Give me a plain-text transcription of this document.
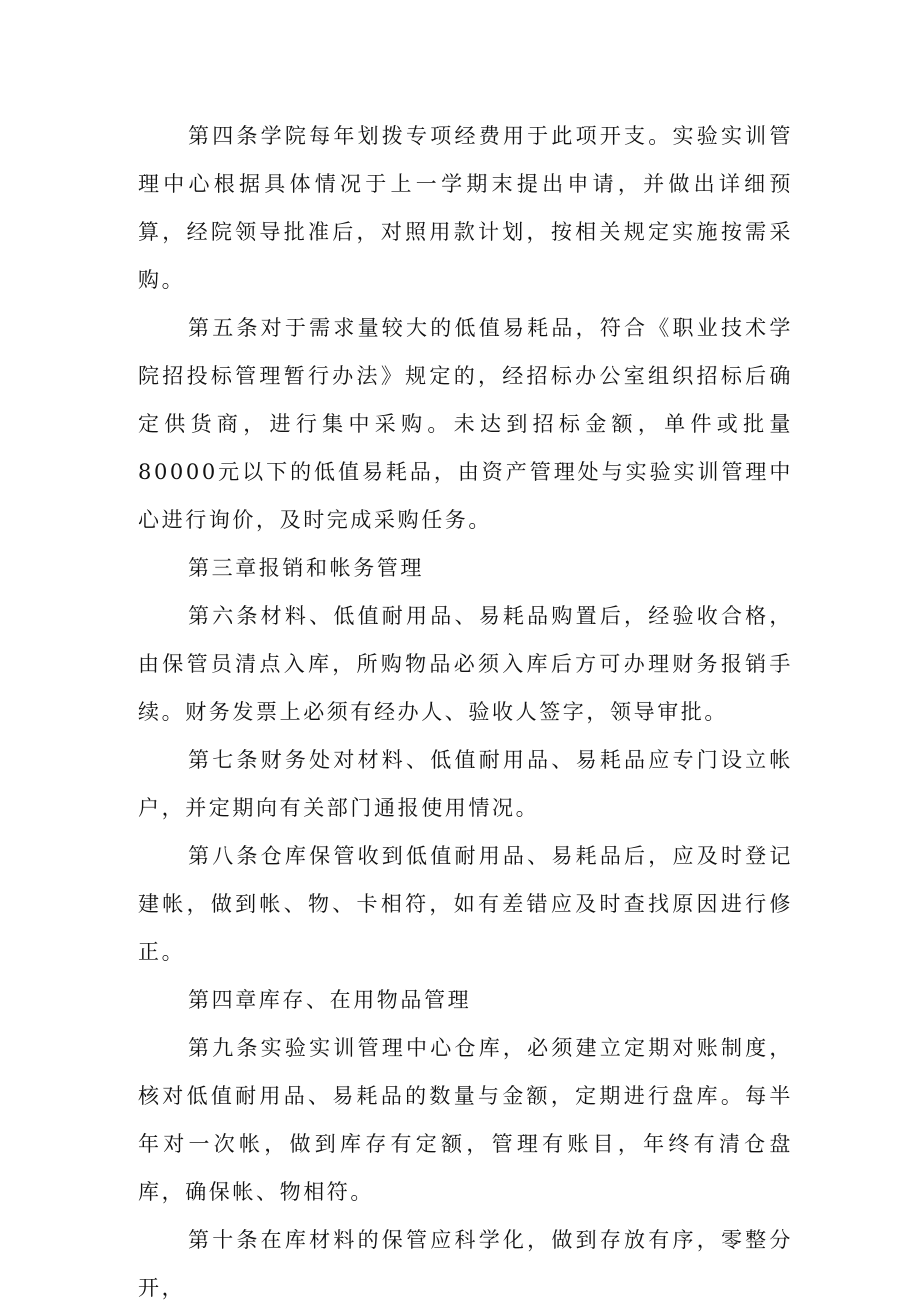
第四条学院每年划拨专项经费用于此项开支。实验实训管理中心根据具体情况于上一学期末提出申请，并做出详细预算，经院领导批准后，对照用款计划，按相关规定实施按需采购。

第五条对于需求量较大的低值易耗品，符合《职业技术学院招投标管理暂行办法》规定的，经招标办公室组织招标后确定供货商，进行集中采购。未达到招标金额，单件或批量80000元以下的低值易耗品，由资产管理处与实验实训管理中心进行询价，及时完成采购任务。

第三章报销和帐务管理

第六条材料、低值耐用品、易耗品购置后，经验收合格，由保管员清点入库，所购物品必须入库后方可办理财务报销手续。财务发票上必须有经办人、验收人签字，领导审批。

第七条财务处对材料、低值耐用品、易耗品应专门设立帐户，并定期向有关部门通报使用情况。

第八条仓库保管收到低值耐用品、易耗品后，应及时登记建帐，做到帐、物、卡相符，如有差错应及时查找原因进行修正。

第四章库存、在用物品管理

第九条实验实训管理中心仓库，必须建立定期对账制度，核对低值耐用品、易耗品的数量与金额，定期进行盘库。每半年对一次帐，做到库存有定额，管理有账目，年终有清仓盘库，确保帐、物相符。

第十条在库材料的保管应科学化，做到存放有序，零整分开，
